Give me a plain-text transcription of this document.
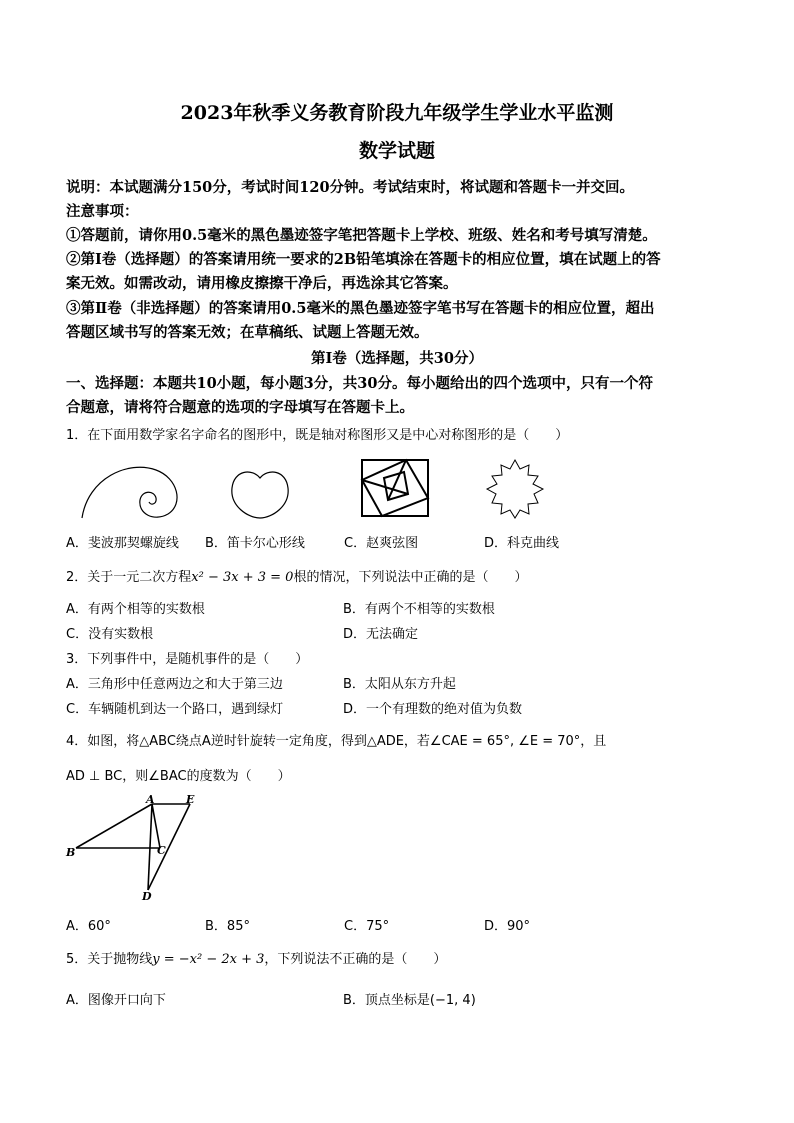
2023年秋季义务教育阶段九年级学生学业水平监测
数学试题
说明：本试题满分150分，考试时间120分钟。考试结束时，将试题和答题卡一并交回。
注意事项：
①答题前，请你用0.5毫米的黑色墨迹签字笔把答题卡上学校、班级、姓名和考号填写清楚。
②第Ⅰ卷（选择题）的答案请用统一要求的2B铅笔填涂在答题卡的相应位置，填在试题上的答
案无效。如需改动，请用橡皮擦擦干净后，再选涂其它答案。
③第Ⅱ卷（非选择题）的答案请用0.5毫米的黑色墨迹签字笔书写在答题卡的相应位置，超出
答题区域书写的答案无效；在草稿纸、试题上答题无效。
第Ⅰ卷（选择题，共30分）
一、选择题：本题共10小题，每小题3分，共30分。每小题给出的四个选项中，只有一个符
合题意，请将符合题意的选项的字母填写在答题卡上。
1．在下面用数学家名字命名的图形中，既是轴对称图形又是中心对称图形的是（　　）
A．斐波那契螺旋线 B．笛卡尔心形线	C．赵爽弦图	D．科克曲线
2．关于一元二次方程x² − 3x + 3 = 0根的情况，下列说法中正确的是（　　）
A．有两个相等的实数根	B．有两个不相等的实数根
C．没有实数根	D．无法确定
3．下列事件中，是随机事件的是（　　）
A．三角形中任意两边之和大于第三边	B．太阳从东方升起
C．车辆随机到达一个路口，遇到绿灯	D．一个有理数的绝对值为负数
4．如图，将△ABC绕点A逆时针旋转一定角度，得到△ADE，若∠CAE = 65°, ∠E = 70°，且
AD ⊥ BC，则∠BAC的度数为（　　）
A	E
B	C
D
A．60°	B．85°	C．75°	D．90°
5．关于抛物线y = −x² − 2x + 3，下列说法不正确的是（　　）
A．图像开口向下	B．顶点坐标是(−1, 4)
